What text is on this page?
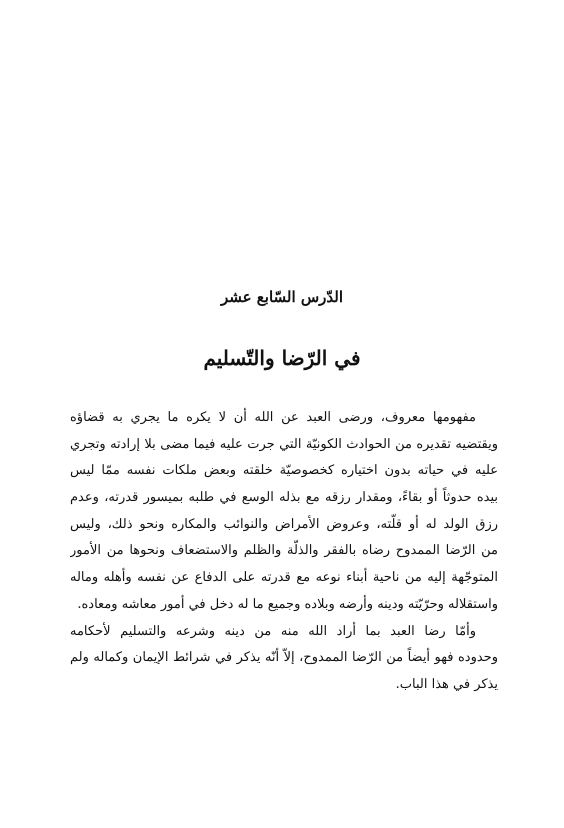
الدّرس السّابع عشر
في الرّضا والتّسليم
مفهومها معروف، ورضى العبد عن الله أن لا يكره ما يجري به قضاؤه
ويقتضيه تقديره من الحوادث الكونيّة التي جرت عليه فيما مضى بلا إرادته وتجري
عليه في حياته بدون اختياره كخصوصيّة خلقته وبعض ملكات نفسه ممّا ليس
بيده حدوثاً أو بقاءً، ومقدار رزقه مع بذله الوسع في طلبه بميسور قدرته، وعدم
رزق الولد له أو قلّته، وعروض الأمراض والنوائب والمكاره ونحو ذلك، وليس
من الرّضا الممدوح رضاه بالفقر والذلّة والظلم والاستضعاف ونحوها من الأمور
المتوجّهة إليه من ناحية أبناء نوعه مع قدرته على الدفاع عن نفسه وأهله وماله
واستقلاله وحرّيّته ودينه وأرضه وبلاده وجميع ما له دخل في أمور معاشه ومعاده.
وأمّا رضا العبد بما أراد الله منه من دينه وشرعه والتسليم لأحكامه
وحدوده فهو أيضاً من الرّضا الممدوح، إلاّ أنّه يذكر في شرائط الإيمان وكماله ولم
يذكر في هذا الباب.
